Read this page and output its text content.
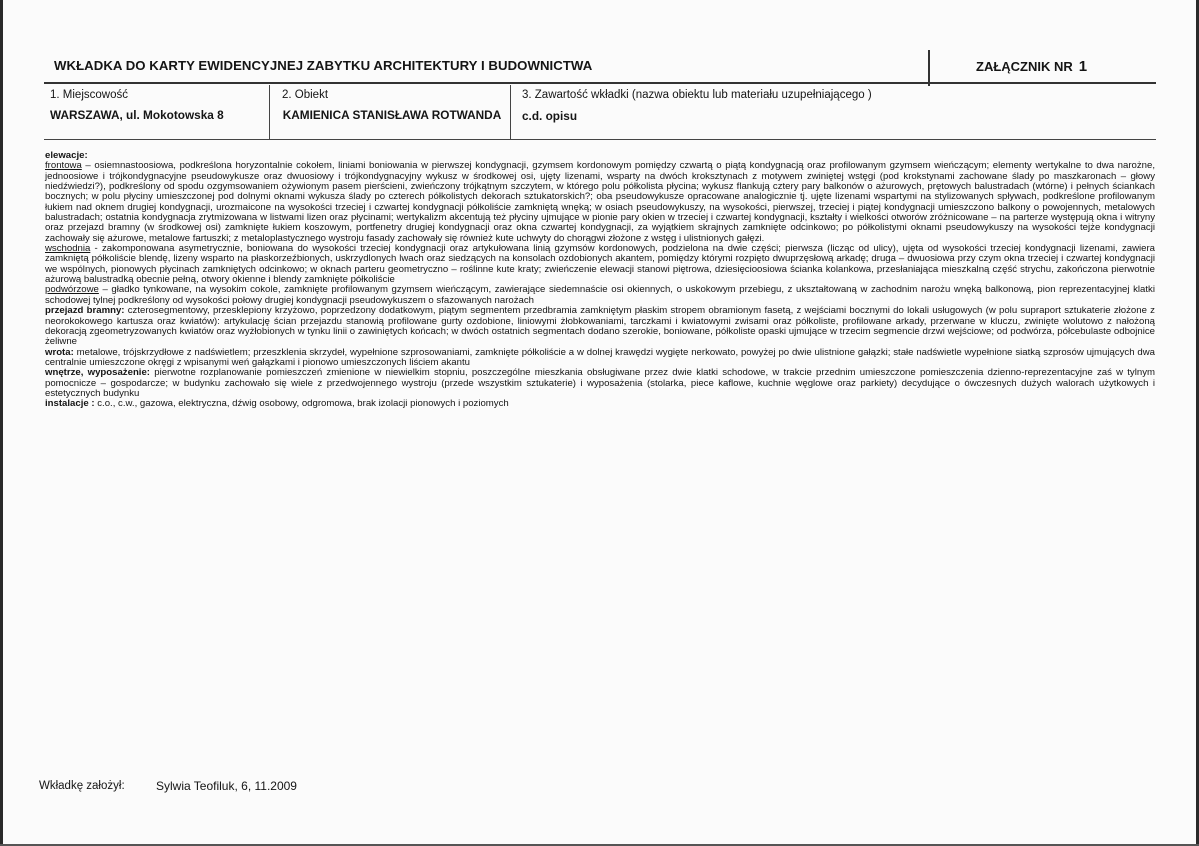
WKŁADKA DO KARTY EWIDENCYJNEJ ZABYTKU ARCHITEKTURY I BUDOWNICTWA	ZAŁĄCZNIK NR 1
1. Miejscowość
WARSZAWA, ul. Mokotowska 8
2. Obiekt
KAMIENICA STANISŁAWA ROTWANDA
3. Zawartość wkładki (nazwa obiektu lub materiału uzupełniającego )
c.d. opisu

elewacje:

frontowa – osiemnastoosiowa, podkreślona horyzontalnie cokołem, liniami boniowania w pierwszej kondygnacji, gzymsem kordonowym pomiędzy czwartą o piątą kondygnacją oraz profilowanym gzymsem wieńczącym; elementy wertykalne to dwa narożne, jednoosiowe i trójkondygnacyjne pseudowykusze oraz dwuosiowy i trójkondygnacyjny wykusz w środkowej osi, ujęty lizenami, wsparty na dwóch kroksztynach z motywem zwiniętej wstęgi (pod krokstynami zachowane ślady po maszkaronach – głowy niedźwiedzi?), podkreślony od spodu ozgymsowaniem ożywionym pasem pierścieni, zwieńczony trójkątnym szczytem, w którego polu półkolista płycina; wykusz flankują cztery pary balkonów o ażurowych, prętowych balustradach (wtórne) i pełnych ściankach bocznych; w polu płyciny umieszczonej pod dolnymi oknami wykusza ślady po czterech półkolistych dekorach sztukatorskich?; oba pseudowykusze opracowane analogicznie tj. ujęte lizenami wspartymi na stylizowanych spływach, podkreślone profilowanym łukiem nad oknem drugiej kondygnacji, urozmaicone na wysokości trzeciej i czwartej kondygnacji półkoliście zamkniętą wnęką; w osiach pseudowykuszy, na wysokości, pierwszej, trzeciej i piątej kondygnacji umieszczono balkony o powojennych, metalowych balustradach; ostatnia kondygnacja zrytmizowana w listwami lizen oraz płycinami; wertykalizm akcentują też płyciny ujmujące w pionie pary okien w trzeciej i czwartej kondygnacji, kształty i wielkości otworów zróżnicowane – na parterze występują okna i witryny oraz przejazd bramny (w środkowej osi) zamknięte łukiem koszowym, portfenetry drugiej kondygnacji oraz okna czwartej kondygnacji, za wyjątkiem skrajnych zamknięte odcinkowo; po półkolistymi oknami pseudowykuszy na wysokości tejże kondygnacji zachowały się ażurowe, metalowe fartuszki; z metaloplastycznego wystroju fasady zachowały się również kute uchwyty do chorągwi złożone z wstęg i ulistnionych gałęzi.

wschodnia - zakomponowana asymetrycznie, boniowana do wysokości trzeciej kondygnacji oraz artykułowana linią gzymsów kordonowych, podzielona na dwie części; pierwsza (licząc od ulicy), ujęta od wysokości trzeciej kondygnacji lizenami, zawiera zamkniętą półkoliście blendę, lizeny wsparto na płaskorzeźbionych, uskrzydlonych lwach oraz siedzących na konsolach ozdobionych akantem, pomiędzy którymi rozpięto dwuprzęsłową arkadę; druga – dwuosiowa przy czym okna trzeciej i czwartej kondygnacji we wspólnych, pionowych płycinach zamkniętych odcinkowo; w oknach parteru geometryczno – roślinne kute kraty; zwieńczenie elewacji stanowi piętrowa, dziesięcioosiowa ścianka kolankowa, przesłaniająca mieszkalną część strychu, zakończona pierwotnie ażurową balustradką obecnie pełną, otwory okienne i blendy zamknięte półkoliście

podwórzowe – gładko tynkowane, na wysokim cokole, zamknięte profilowanym gzymsem wieńczącym, zawierające siedemnaście osi okiennych, o uskokowym przebiegu, z ukształtowaną w zachodnim narożu wnęką balkonową, pion reprezentacyjnej klatki schodowej tylnej podkreślony od wysokości połowy drugiej kondygnacji pseudowykuszem o sfazowanych narożach

przejazd bramny: czterosegmentowy, przesklepiony krzyżowo, poprzedzony dodatkowym, piątym segmentem przedbramia zamkniętym płaskim stropem obramionym fasetą, z wejściami bocznymi do lokali usługowych (w polu supraport sztukaterie złożone z neorokokowego kartusza oraz kwiatów): artykulację ścian przejazdu stanowią profilowane gurty ozdobione, liniowymi żłobkowaniami, tarczkami i kwiatowymi zwisami oraz półkoliste, profilowane arkady, przerwane w kluczu, zwinięte wolutowo z nałożoną dekoracją zgeometryzowanych kwiatów oraz wyżłobionych w tynku linii o zawiniętych końcach; w dwóch ostatnich segmentach dodano szerokie, boniowane, półkoliste opaski ujmujące w trzecim segmencie drzwi wejściowe; od podwórza, półcebulaste odbojnice żeliwne

wrota: metalowe, trójskrzydłowe z nadświetlem; przeszklenia skrzydeł, wypełnione szprosowaniami, zamknięte półkoliście a w dolnej krawędzi wygięte nerkowato, powyżej po dwie ulistnione gałązki; stałe nadświetle wypełnione siatką szprosów ujmujących dwa centralnie umieszczone okręgi z wpisanymi weń gałązkami i pionowo umieszczonych liściem akantu

wnętrze, wyposażenie: pierwotne rozplanowanie pomieszczeń zmienione w niewielkim stopniu, poszczególne mieszkania obsługiwane przez dwie klatki schodowe, w trakcie przednim umieszczone pomieszczenia dzienno-reprezentacyjne zaś w tylnym pomocnicze – gospodarcze; w budynku zachowało się wiele z przedwojennego wystroju (przede wszystkim sztukaterie) i wyposażenia (stolarka, piece kaflowe, kuchnie węglowe oraz parkiety) decydujące o ówczesnych dużych walorach użytkowych i estetycznych budynku

instalacje : c.o., c.w., gazowa, elektryczna, dźwig osobowy, odgromowa, brak izolacji pionowych i poziomych

Wkładkę założył:	Sylwia Teofiluk, 6, 11.2009
